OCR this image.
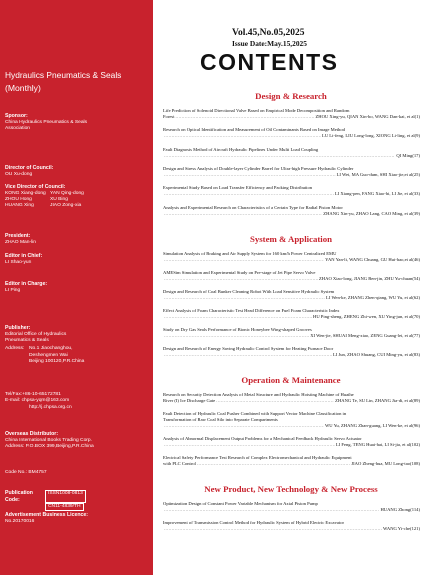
Hydraulics Pneumatics & Seals
(Monthly)
Sponsor:
China Hydraulics Pneumatics & Seals
Association
Director of Council:
OU Xu-dong
Vice Director of Council:
KONG Xiang-dong YAN Qing-dong
ZHOU Hong	XU Bing
HUANG Xing	JIAO Zong-xia
President:
ZHAO Man-lin
Editor in Chief:
LI Shao-yun
Editor in Charge:
LI Ping
Publisher:
Editorial Office of Hydraulics
Pneumatics & Seals
Address: No.1 Jiaochanghou,
Deshengmen Wai
Beijing 100120,P.R.China
Tel/Fax:+86-10-65172781
E-mail: chpsa-yqm@163.com
http://j.chpsa.org.cn
Overseas Distributor:
China International Books Trading Corp.
Address: P.O.BOX 399,Beijing,P.R.China
Code No.: BM4757
Publication Code:
ISSN1008-0813
CN11-4839/TH
Advertisement Business Licence:
No.20170016
Vol.45,No.05,2025
Issue Date:May.15,2025
CONTENTS
Design & Research
Life Prediction of Solenoid Directional Valve Based on Empirical Mode Decomposition and Random
Forest .....	ZHOU Xing-yu, QIAN Xin-bo, WANG Dan-kai, et al(1)
Research on Optical Identification and Measurement of Oil Contaminants Based on Image Method
.....
LU Li-feng, LIU Long-long, XIONG Li-ling, et al(9)
Fault Diagnosis Method of Aircraft Hydraulic Pipelines Under Multi Load Coupling
.....
QI Ming(17)
Design and Stress Analysis of Double-layer Cylinder Barrel for Ultra-high Pressure Hydraulic Cylinder
.....
LI Wei, MA Guo-dum, SHI Xiao-jie,et al(25)
Experimental Study Based on Load Transfer Efficiency and Packing Distribution
.....
LI Xiang-pen, FANG Xiao-hi, LI Jie, et al(33)
Analysis and Experimental Research on Characteristics of a Certain Type for Radial Piston Motor
.....
ZHANG Xin-yu, ZHAO Lang, CAO Ming, et al(39)
System & Application
Simulation Analysis of Braking and Air Supply System for 160 km/h Power Centralized EMU
.....
YAN Yan-li, WANG Chuang, GU Hui-hao,et al(46)
AMESim Simulation and Experimental Study on Pre-stage of Jet Pipe Servo Valve
.....
ZHAO Xiao-long, JIANG Ben-jin, ZHU Yu-chuan(54)
Design and Research of Coal Bunker Cleaning Robot With Load Sensitive Hydraulic System
.....
LI Wen-ke, ZHANG Zhen-qiang, WU Yu, et al(62)
Effect Analysis of Foam Characteristic Test Head Difference on Fuel Foam Characteristic Index
.....
HU Ping-sheng, ZHENG Zhi-wen, XU Ying-jun, et al(70)
Study on Dry Gas Seals Performance of Bionic Honeybee Wing-shaped Grooves
.....
XI Wen-jie, SHUAI Meng-xiao, ZENG Guang-lei, et al(77)
Design and Research of Energy Saving Hydraulic Control System for Heating Furnace Door
.....
LI Jun, ZHAO Shuang, CUI Ming-yu, et al(83)
Operation & Maintenance
Research on Security Detection Analysis of Metal Structure and Hydraulic Hoisting Machine of Huaihe
River (I) Ice Discharge Gate .....	ZHANG Te, SU Lin, ZHANG Jia-di, et al(89)
Fault Detection of Hydraulic Coal Pusher Combined with Support Vector Machine Classification in
Transformation of Raw Coal Silo into Separate Compartments
.....
WU Yu, ZHANG Zhan-guang, LI Wen-ke, et al(96)
Analysis of Abnormal Displacement Output Problems for a Mechanical Feedback Hydraulic Servo Actuator
.....
LI Feng, TENG Huai-hai, LI Si-jia, et al(102)
Electrical Safety Performance Test Research of Complex Electromechanical and Hydraulic Equipment
with PLC Control .....	JIAO Zheng-hua, MU Long-tao(108)
New Product, New Technology & New Process
Optimization Design of Constant Power Variable Mechanism for Axial Piston Pump
.....
HUANG Zhong(114)
Improvement of Transmission Control Method for Hydraulic System of Hybrid Electric Excavator
.....
WANG Yi-che(121)
